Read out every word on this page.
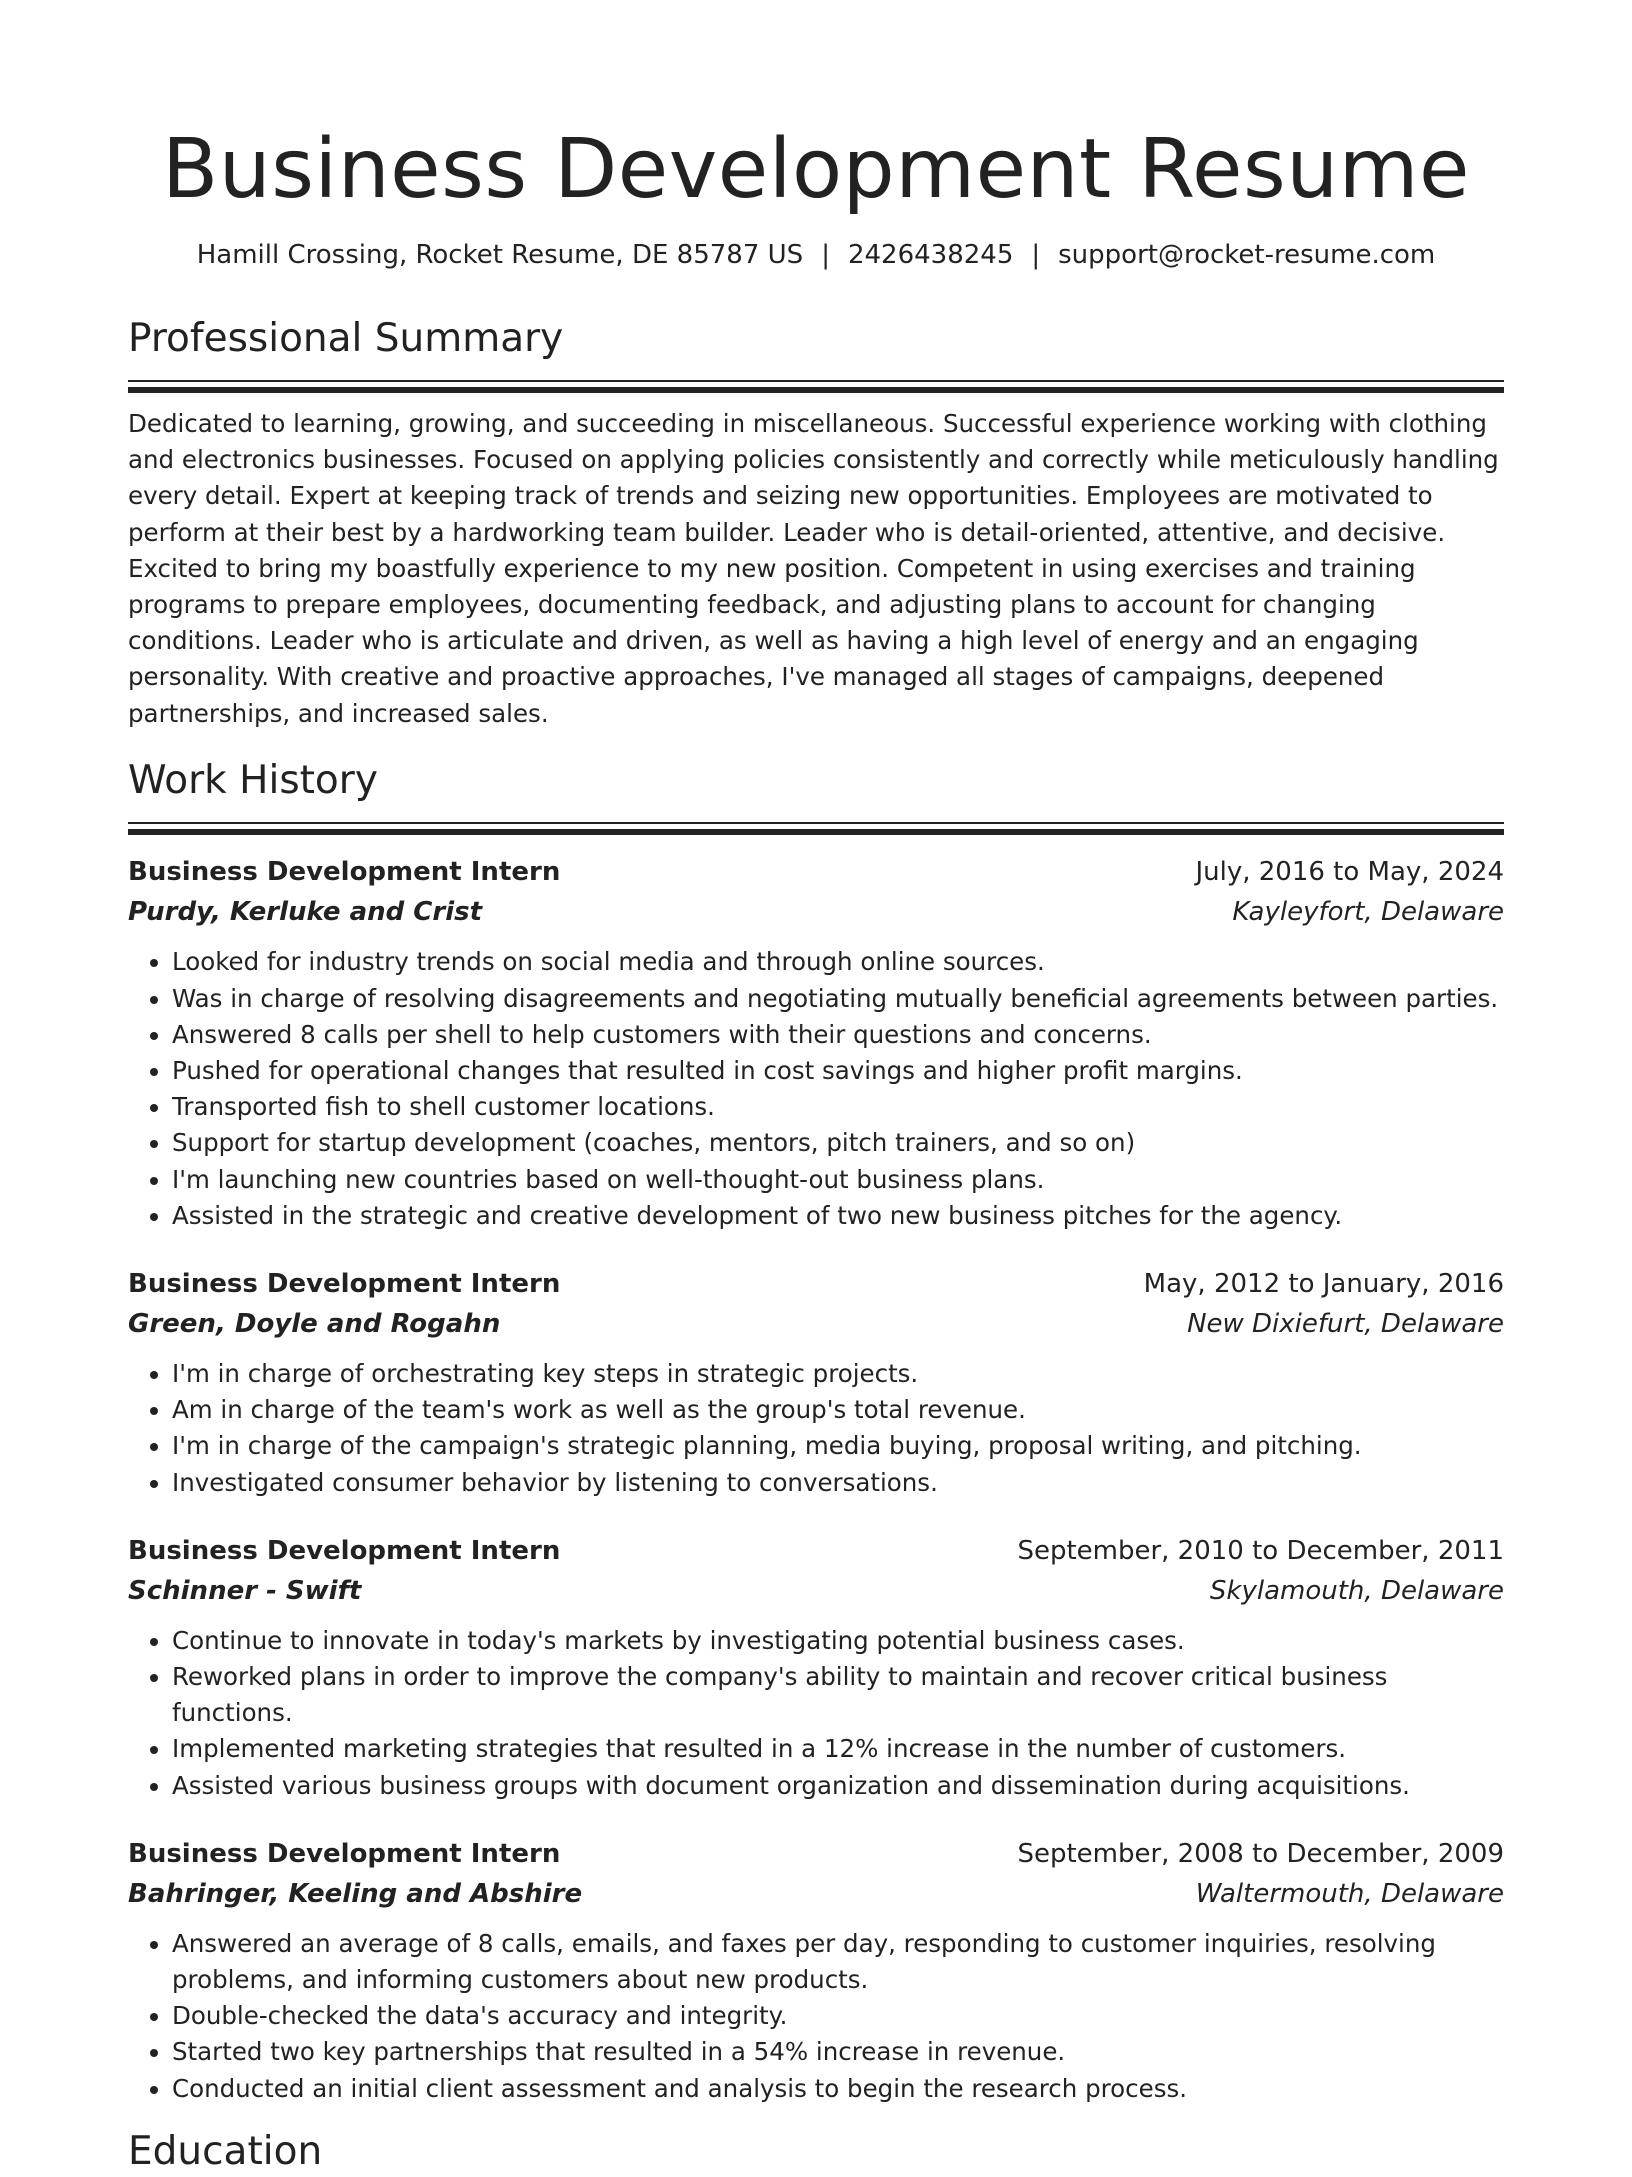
Business Development Resume
Hamill Crossing, Rocket Resume, DE 85787 US | 2426438245 | support@rocket-resume.com
Professional Summary

Dedicated to learning, growing, and succeeding in miscellaneous. Successful experience working with clothing and electronics businesses. Focused on applying policies consistently and correctly while meticulously handling every detail. Expert at keeping track of trends and seizing new opportunities. Employees are motivated to perform at their best by a hardworking team builder. Leader who is detail-oriented, attentive, and decisive. Excited to bring my boastfully experience to my new position. Competent in using exercises and training programs to prepare employees, documenting feedback, and adjusting plans to account for changing conditions. Leader who is articulate and driven, as well as having a high level of energy and an engaging personality. With creative and proactive approaches, I've managed all stages of campaigns, deepened partnerships, and increased sales.

Work History
Business Development Intern	July, 2016 to May, 2024
Purdy, Kerluke and Crist	Kayleyfort, Delaware
• Looked for industry trends on social media and through online sources.
• Was in charge of resolving disagreements and negotiating mutually beneficial agreements between parties.
• Answered 8 calls per shell to help customers with their questions and concerns.
• Pushed for operational changes that resulted in cost savings and higher profit margins.
• Transported fish to shell customer locations.
• Support for startup development (coaches, mentors, pitch trainers, and so on)
• I'm launching new countries based on well-thought-out business plans.
• Assisted in the strategic and creative development of two new business pitches for the agency.
Business Development Intern	May, 2012 to January, 2016
Green, Doyle and Rogahn	New Dixiefurt, Delaware
• I'm in charge of orchestrating key steps in strategic projects.
• Am in charge of the team's work as well as the group's total revenue.
• I'm in charge of the campaign's strategic planning, media buying, proposal writing, and pitching.
• Investigated consumer behavior by listening to conversations.
Business Development Intern	September, 2010 to December, 2011
Schinner - Swift	Skylamouth, Delaware
• Continue to innovate in today's markets by investigating potential business cases.
• Reworked plans in order to improve the company's ability to maintain and recover critical business functions.
• Implemented marketing strategies that resulted in a 12% increase in the number of customers.
• Assisted various business groups with document organization and dissemination during acquisitions.
Business Development Intern	September, 2008 to December, 2009
Bahringer, Keeling and Abshire	Waltermouth, Delaware
• Answered an average of 8 calls, emails, and faxes per day, responding to customer inquiries, resolving problems, and informing customers about new products.
• Double-checked the data's accuracy and integrity.
• Started two key partnerships that resulted in a 54% increase in revenue.
• Conducted an initial client assessment and analysis to begin the research process.
Education
